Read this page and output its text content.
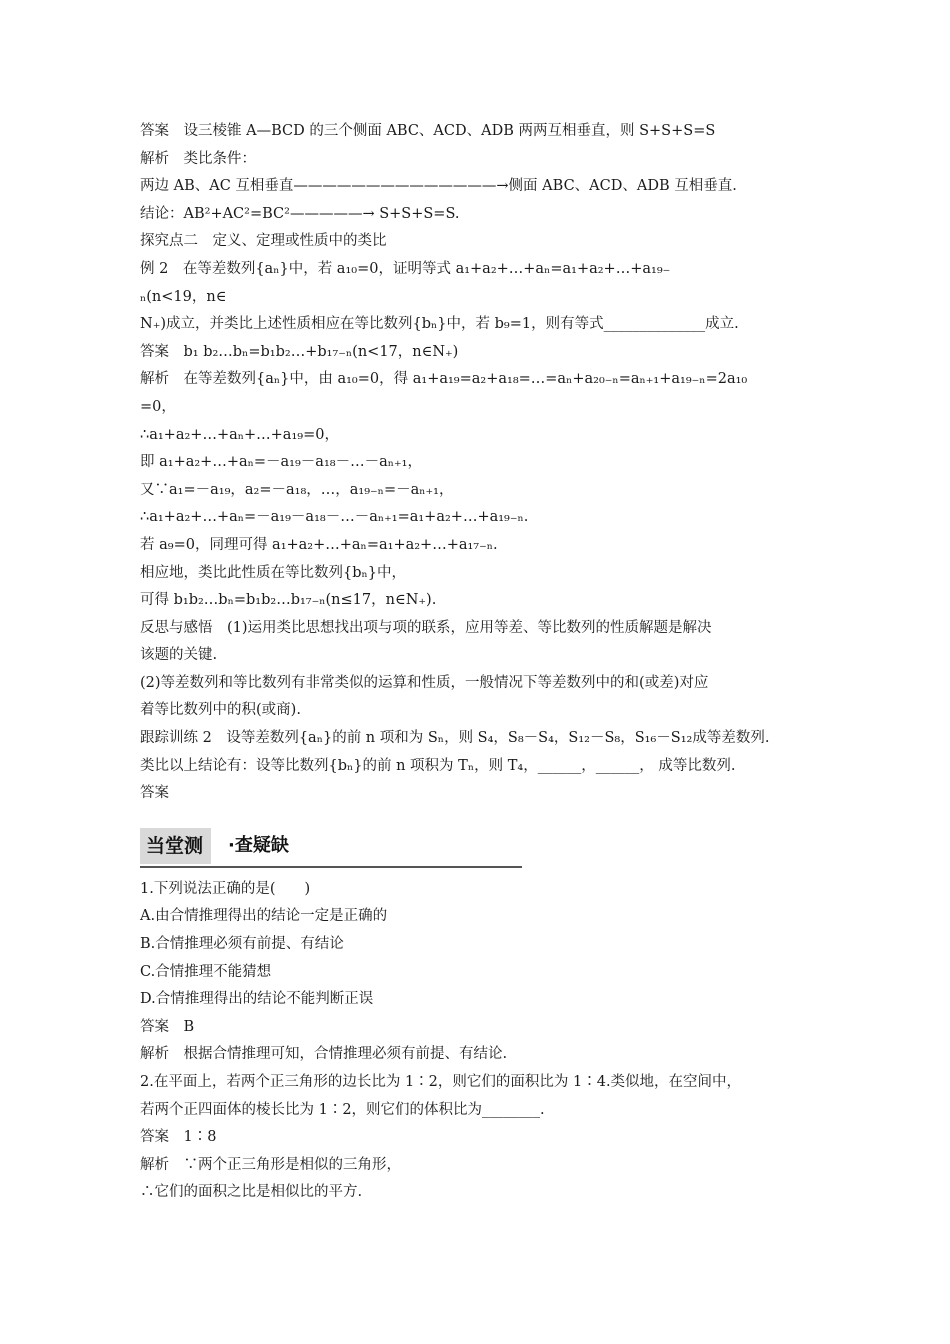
答案　设三棱锥 A—BCD 的三个侧面 ABC、ACD、ADB 两两互相垂直，则 S+S+S=S
解析　类比条件：
两边 AB、AC 互相垂直——————————————→侧面 ABC、ACD、ADB 互相垂直.
结论：AB²+AC²=BC²—————→ S+S+S=S.
探究点二　定义、定理或性质中的类比
例 2　在等差数列{aₙ}中，若 a₁₀=0，证明等式 a₁+a₂+…+aₙ=a₁+a₂+…+a₁₉₋
ₙ(n<19，n∈
N₊)成立，并类比上述性质相应在等比数列{bₙ}中，若 b₉=1，则有等式______________成立.
答案　b₁ b₂…bₙ=b₁b₂…+b₁₇₋ₙ(n<17，n∈N₊)
解析　在等差数列{aₙ}中，由 a₁₀=0，得 a₁+a₁₉=a₂+a₁₈=…=aₙ+a₂₀₋ₙ=aₙ₊₁+a₁₉₋ₙ=2a₁₀
=0，
∴a₁+a₂+…+aₙ+…+a₁₉=0，
即 a₁+a₂+…+aₙ=－a₁₉－a₁₈－…－aₙ₊₁，
又∵a₁=－a₁₉，a₂=－a₁₈，…，a₁₉₋ₙ=－aₙ₊₁，
∴a₁+a₂+…+aₙ=－a₁₉－a₁₈－…－aₙ₊₁=a₁+a₂+…+a₁₉₋ₙ.
若 a₉=0，同理可得 a₁+a₂+…+aₙ=a₁+a₂+…+a₁₇₋ₙ.
相应地，类比此性质在等比数列{bₙ}中，
可得 b₁b₂…bₙ=b₁b₂…b₁₇₋ₙ(n≤17，n∈N₊).
反思与感悟　(1)运用类比思想找出项与项的联系，应用等差、等比数列的性质解题是解决
该题的关键.
(2)等差数列和等比数列有非常类似的运算和性质，一般情况下等差数列中的和(或差)对应
着等比数列中的积(或商).
跟踪训练 2　设等差数列{aₙ}的前 n 项和为 Sₙ，则 S₄，S₈－S₄，S₁₂－S₈，S₁₆－S₁₂成等差数列.
类比以上结论有：设等比数列{bₙ}的前 n 项积为 Tₙ，则 T₄，______，______， 成等比数列.
答案
当堂测	·查疑缺
1.下列说法正确的是(　　)
A.由合情推理得出的结论一定是正确的
B.合情推理必须有前提、有结论
C.合情推理不能猜想
D.合情推理得出的结论不能判断正误
答案　B
解析　根据合情推理可知，合情推理必须有前提、有结论.
2.在平面上，若两个正三角形的边长比为 1∶2，则它们的面积比为 1∶4.类似地，在空间中，
若两个正四面体的棱长比为 1∶2，则它们的体积比为________.
答案　1∶8
解析　∵两个正三角形是相似的三角形，
∴它们的面积之比是相似比的平方.
